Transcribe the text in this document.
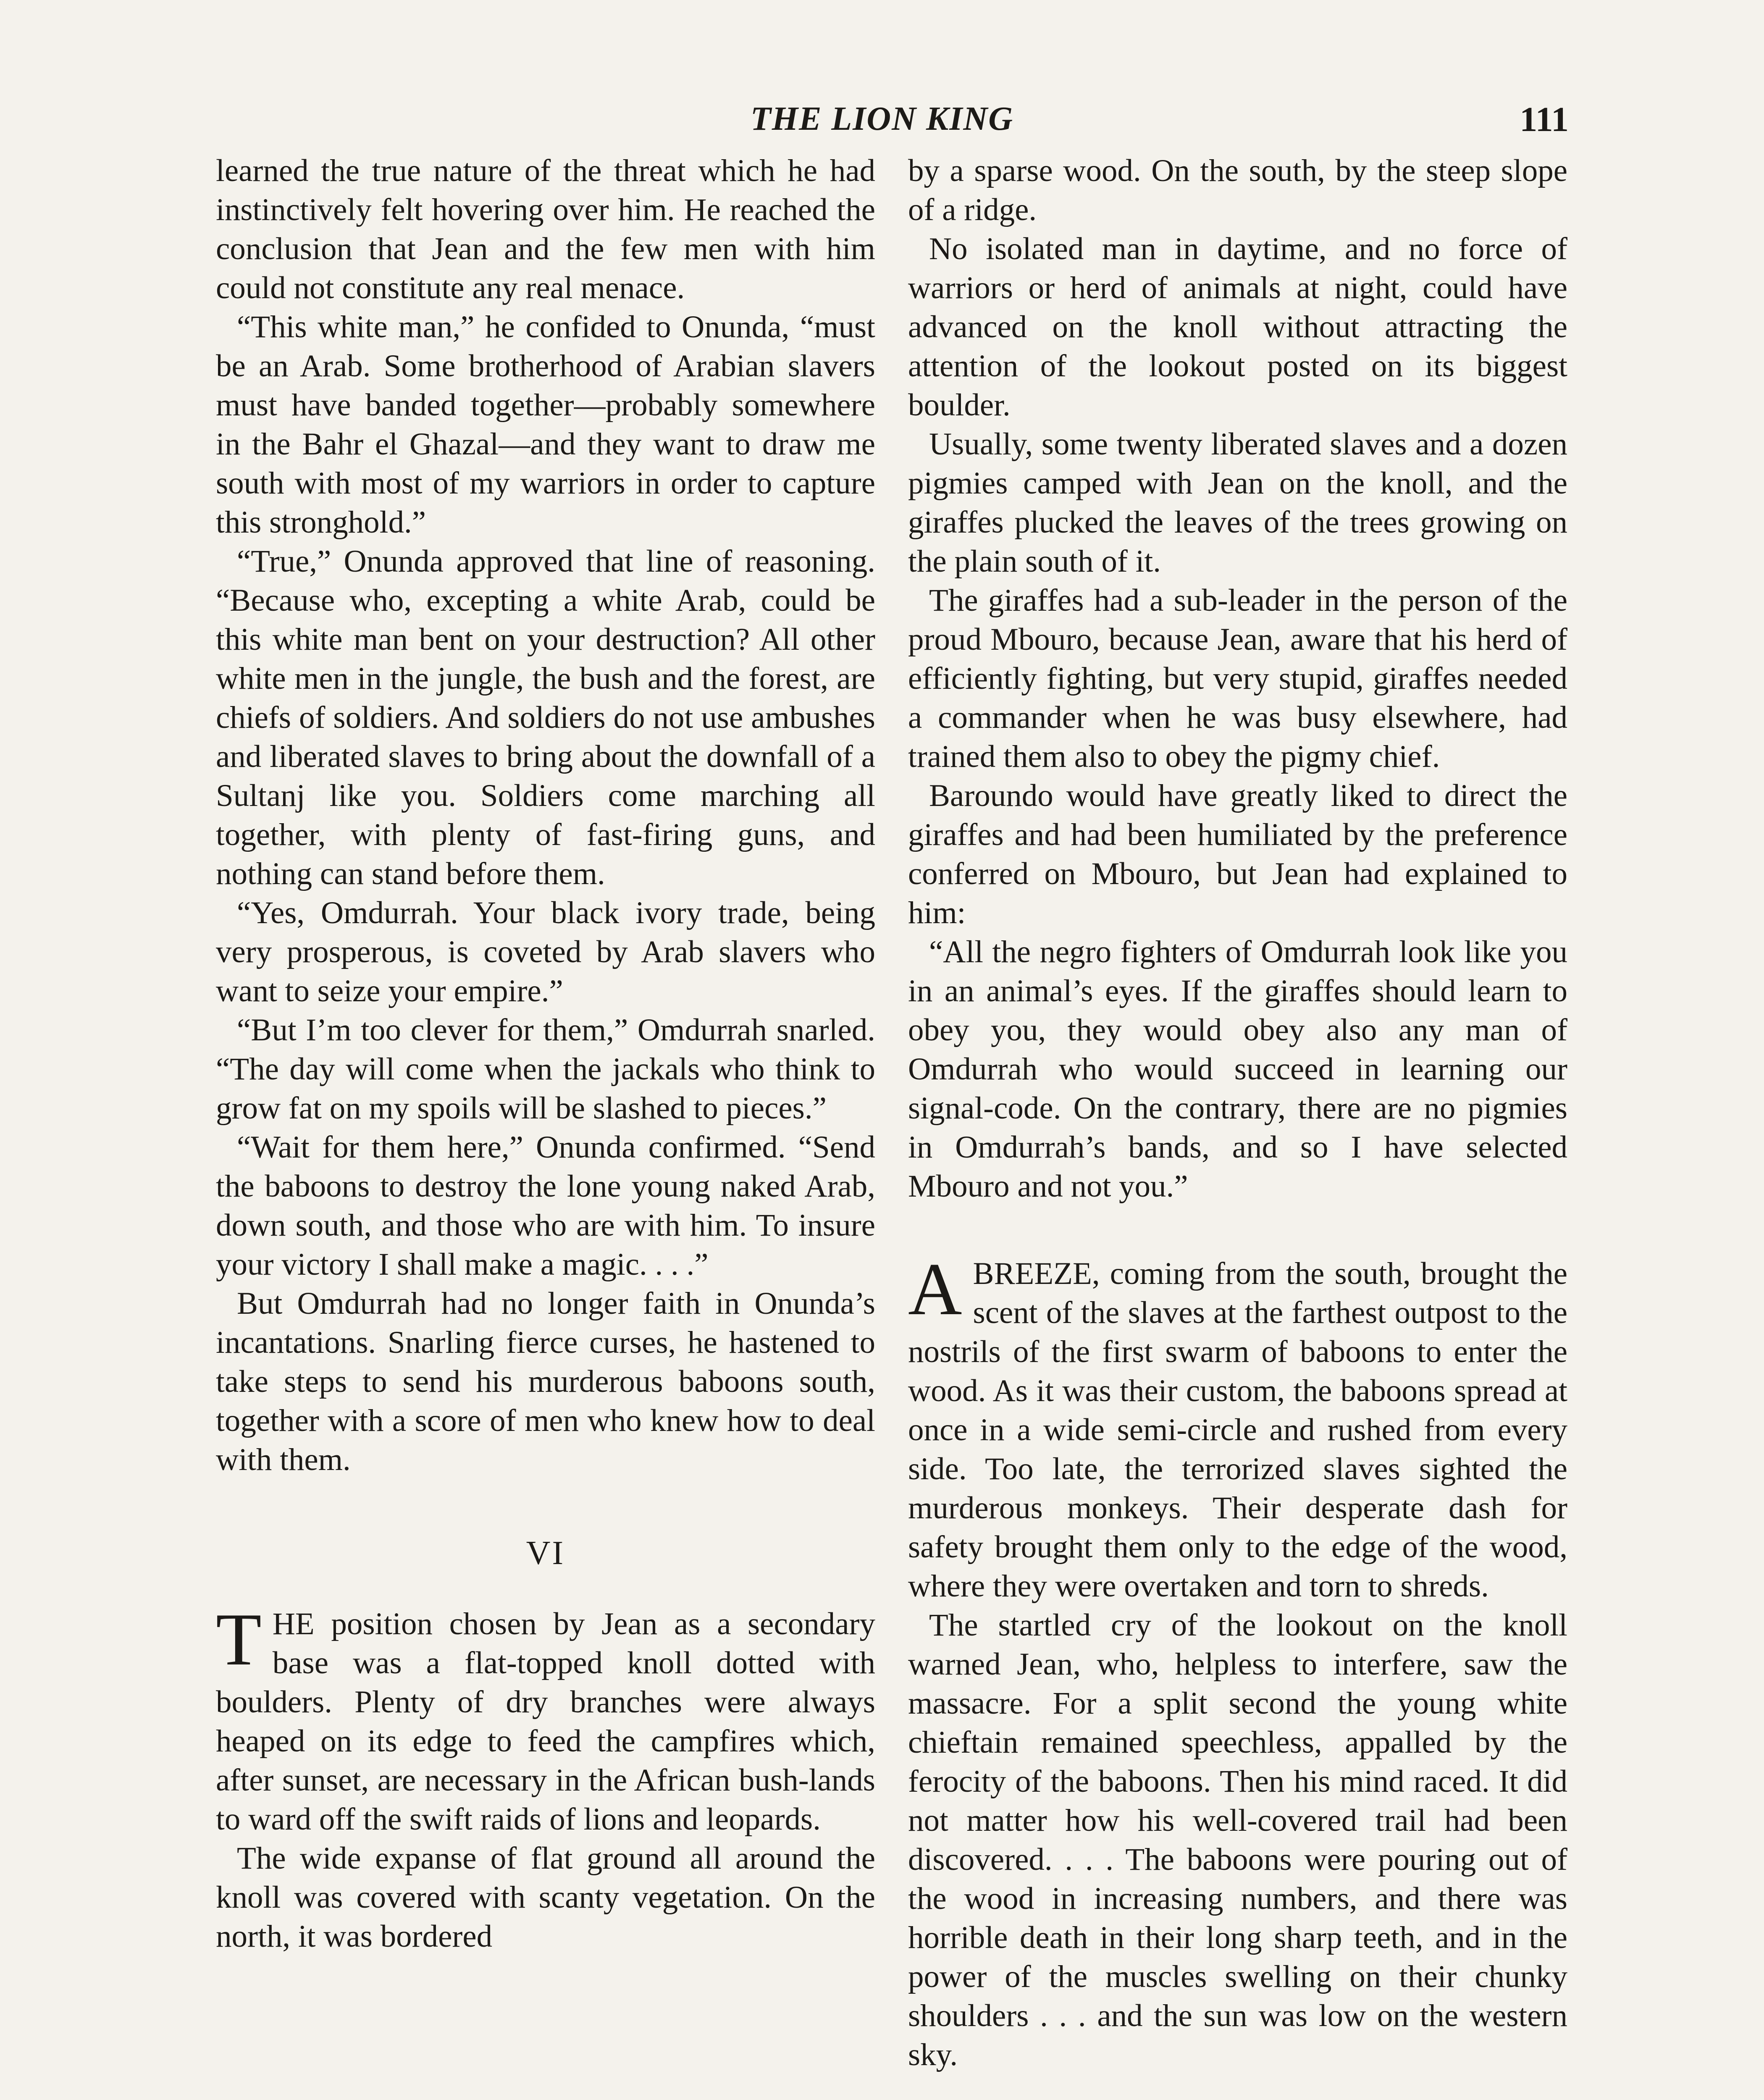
THE LION KING	111

learned the true nature of the threat which he had instinctively felt hovering over him. He reached the conclusion that Jean and the few men with him could not constitute any real menace.

“This white man,” he confided to Onunda, “must be an Arab. Some brotherhood of Arabian slavers must have banded together—probably somewhere in the Bahr el Ghazal—and they want to draw me south with most of my warriors in order to capture this stronghold.”

“True,” Onunda approved that line of reasoning. “Because who, excepting a white Arab, could be this white man bent on your destruction? All other white men in the jungle, the bush and the forest, are chiefs of soldiers. And soldiers do not use ambushes and liberated slaves to bring about the downfall of a Sultanj like you. Soldiers come marching all together, with plenty of fast-firing guns, and nothing can stand before them.

“Yes, Omdurrah. Your black ivory trade, being very prosperous, is coveted by Arab slavers who want to seize your empire.”

“But I’m too clever for them,” Omdurrah snarled. “The day will come when the jackals who think to grow fat on my spoils will be slashed to pieces.”

“Wait for them here,” Onunda confirmed. “Send the baboons to destroy the lone young naked Arab, down south, and those who are with him. To insure your victory I shall make a magic. . . .”

But Omdurrah had no longer faith in Onunda’s incantations. Snarling fierce curses, he hastened to take steps to send his murderous baboons south, together with a score of men who knew how to deal with them.

VI

THE position chosen by Jean as a secondary base was a flat-topped knoll dotted with boulders. Plenty of dry branches were always heaped on its edge to feed the campfires which, after sunset, are necessary in the African bush-lands to ward off the swift raids of lions and leopards.

The wide expanse of flat ground all around the knoll was covered with scanty vegetation. On the north, it was bordered

by a sparse wood. On the south, by the steep slope of a ridge.

No isolated man in daytime, and no force of warriors or herd of animals at night, could have advanced on the knoll without attracting the attention of the lookout posted on its biggest boulder.

Usually, some twenty liberated slaves and a dozen pigmies camped with Jean on the knoll, and the giraffes plucked the leaves of the trees growing on the plain south of it.

The giraffes had a sub-leader in the person of the proud Mbouro, because Jean, aware that his herd of efficiently fighting, but very stupid, giraffes needed a commander when he was busy elsewhere, had trained them also to obey the pigmy chief.

Baroundo would have greatly liked to direct the giraffes and had been humiliated by the preference conferred on Mbouro, but Jean had explained to him:

“All the negro fighters of Omdurrah look like you in an animal’s eyes. If the giraffes should learn to obey you, they would obey also any man of Omdurrah who would succeed in learning our signal-code. On the contrary, there are no pigmies in Omdurrah’s bands, and so I have selected Mbouro and not you.”

ABREEZE, coming from the south, brought the scent of the slaves at the farthest outpost to the nostrils of the first swarm of baboons to enter the wood. As it was their custom, the baboons spread at once in a wide semi-circle and rushed from every side. Too late, the terrorized slaves sighted the murderous monkeys. Their desperate dash for safety brought them only to the edge of the wood, where they were overtaken and torn to shreds.

The startled cry of the lookout on the knoll warned Jean, who, helpless to interfere, saw the massacre. For a split second the young white chieftain remained speechless, appalled by the ferocity of the baboons. Then his mind raced. It did not matter how his well-covered trail had been discovered. . . . The baboons were pouring out of the wood in increasing numbers, and there was horrible death in their long sharp teeth, and in the power of the muscles swelling on their chunky shoulders . . . and the sun was low on the western sky.
